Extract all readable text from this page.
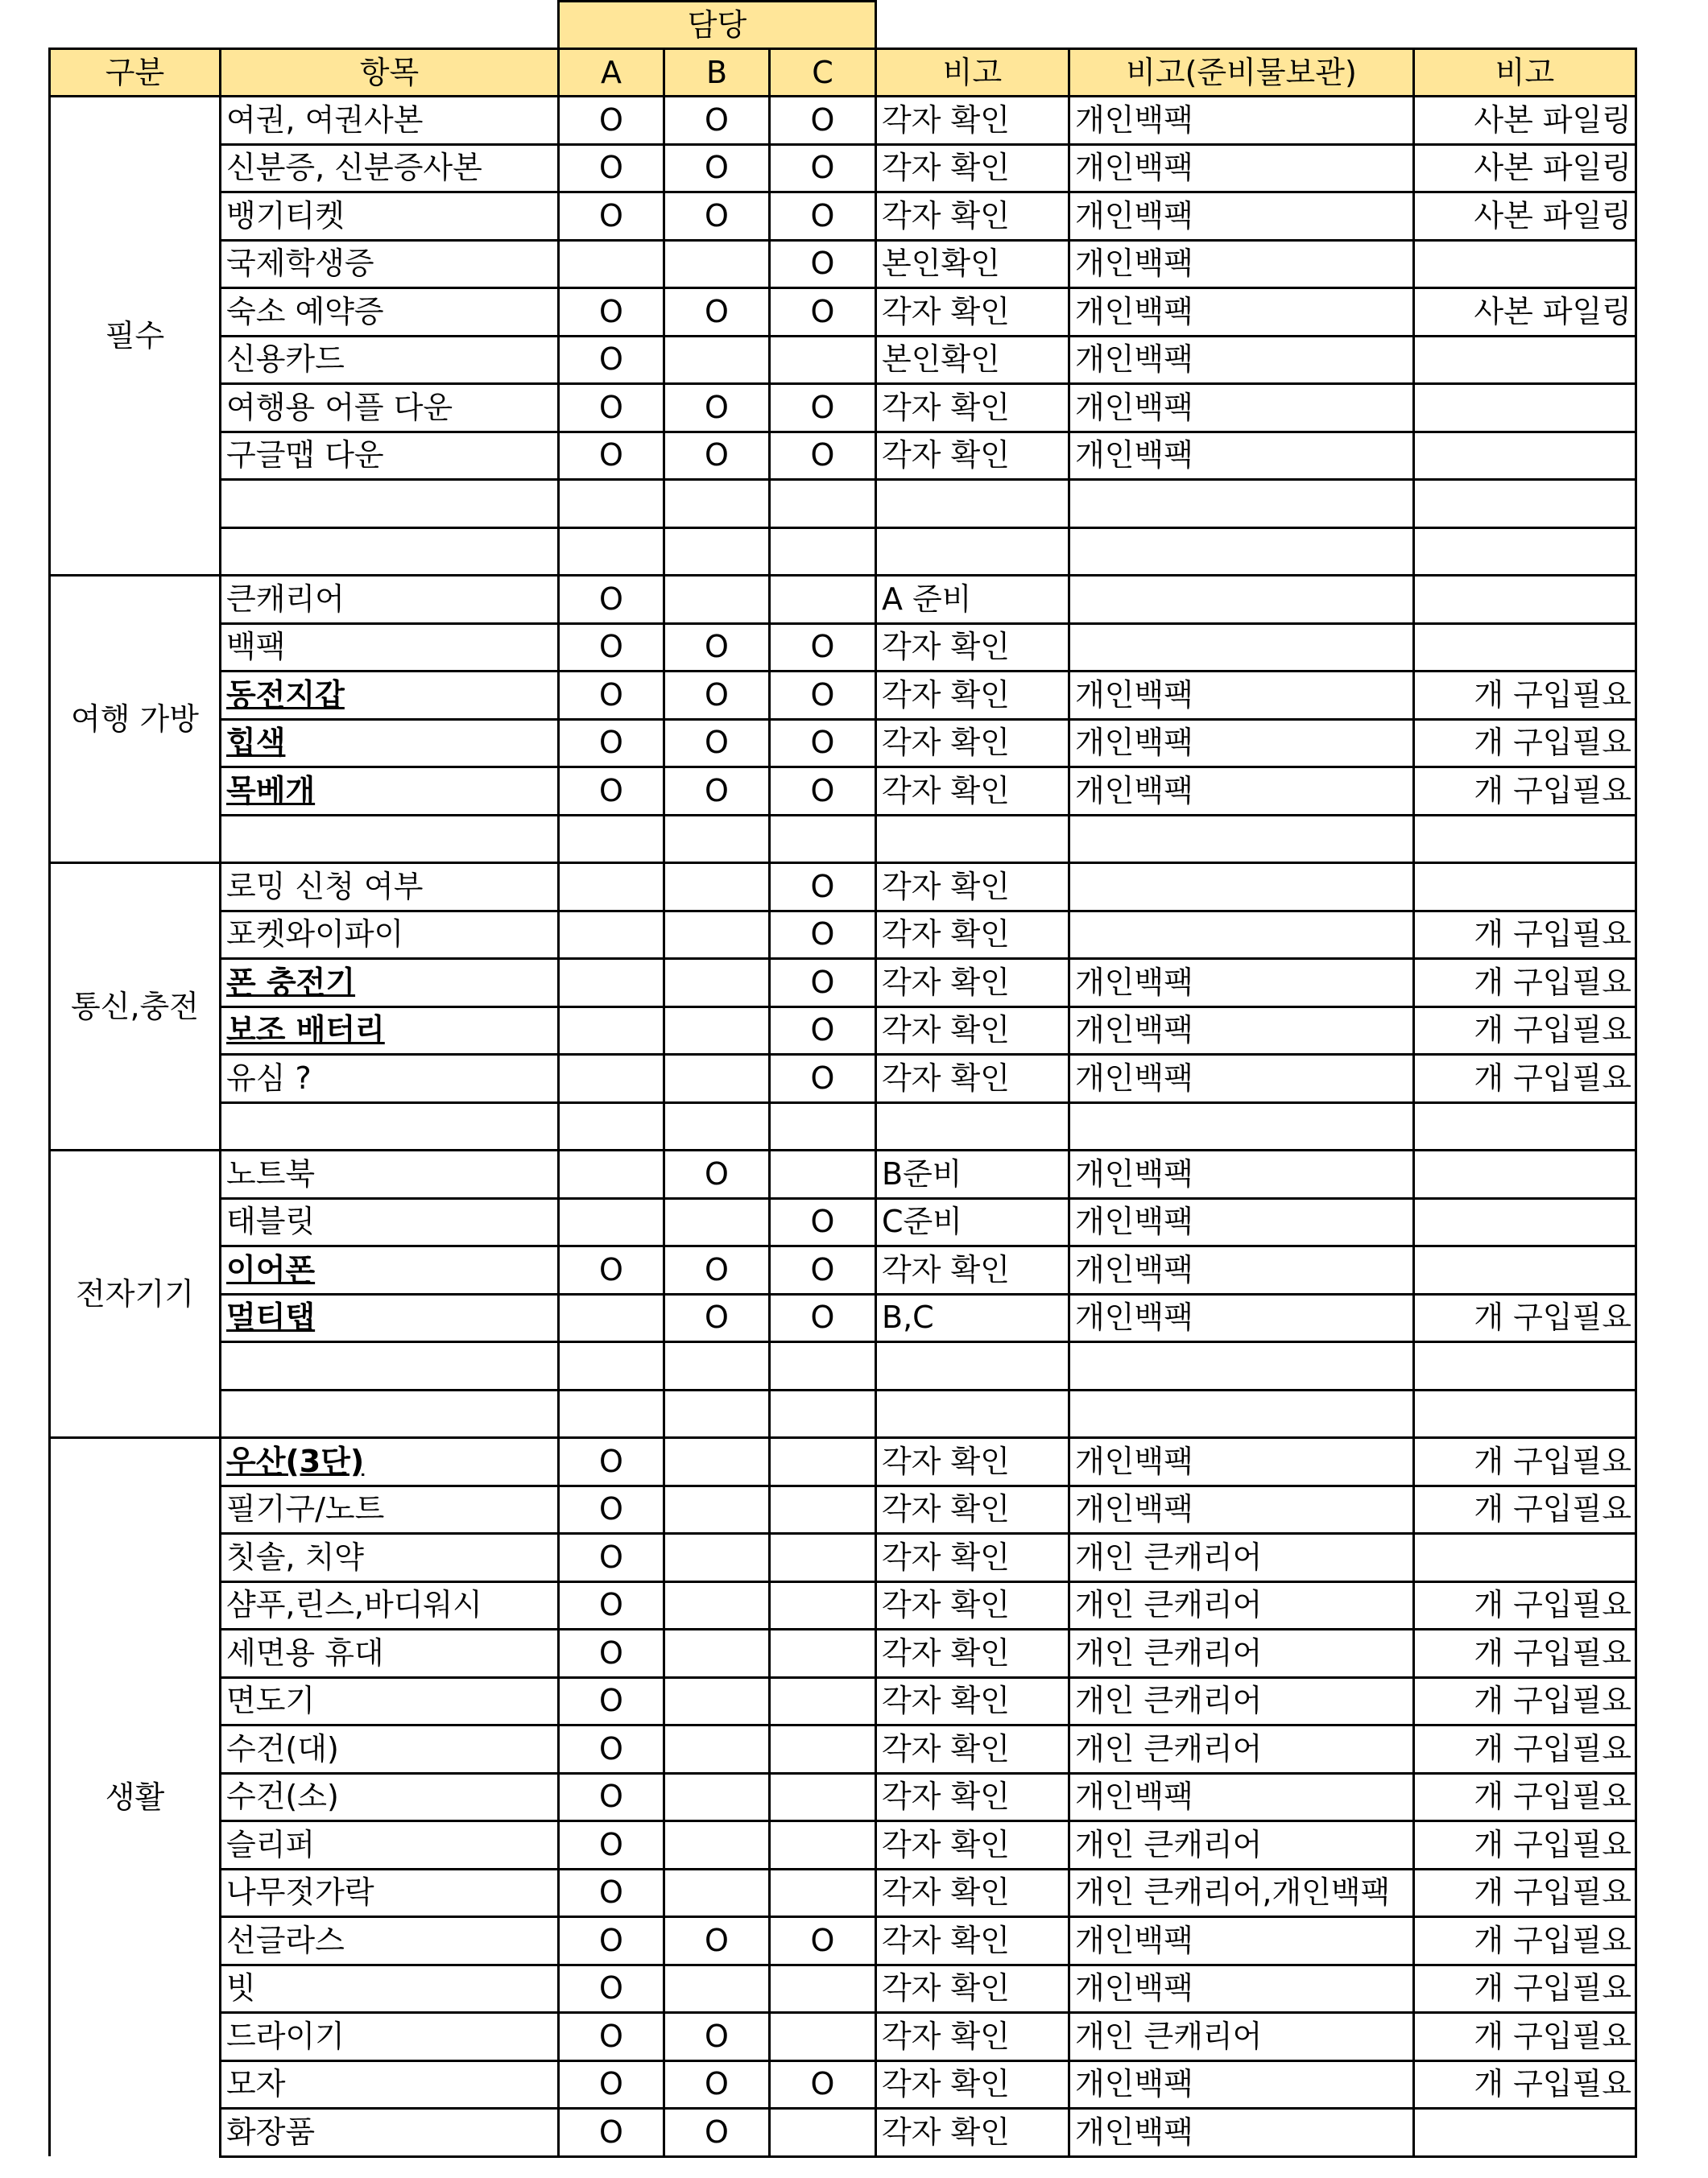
		담당					
구분	항목	A	B	C	비고	비고(준비물보관)	비고
필수	여권, 여권사본	O	O	O	각자 확인	개인백팩	사본 파일링
	신분증, 신분증사본	O	O	O	각자 확인	개인백팩	사본 파일링
	뱅기티켓	O	O	O	각자 확인	개인백팩	사본 파일링
	국제학생증			O	본인확인	개인백팩	
	숙소 예약증	O	O	O	각자 확인	개인백팩	사본 파일링
	신용카드	O			본인확인	개인백팩	
	여행용 어플 다운	O	O	O	각자 확인	개인백팩	
	구글맵 다운	O	O	O	각자 확인	개인백팩	

여행 가방	큰캐리어	O			A 준비		
	백팩	O	O	O	각자 확인		
	동전지갑	O	O	O	각자 확인	개인백팩	개 구입필요
	힙색	O	O	O	각자 확인	개인백팩	개 구입필요
	목베개	O	O	O	각자 확인	개인백팩	개 구입필요

통신,충전	로밍 신청 여부			O	각자 확인		
	포켓와이파이			O	각자 확인		개 구입필요
	폰 충전기			O	각자 확인	개인백팩	개 구입필요
	보조 배터리			O	각자 확인	개인백팩	개 구입필요
	유심 ?			O	각자 확인	개인백팩	개 구입필요

전자기기	노트북		O		B준비	개인백팩	
	태블릿			O	C준비	개인백팩	
	이어폰	O	O	O	각자 확인	개인백팩	
	멀티탭		O	O	B,C	개인백팩	개 구입필요

생활	우산(3단)	O			각자 확인	개인백팩	개 구입필요
	필기구/노트	O			각자 확인	개인백팩	개 구입필요
	칫솔, 치약	O			각자 확인	개인 큰캐리어	
	샴푸,린스,바디워시	O			각자 확인	개인 큰캐리어	개 구입필요
	세면용 휴대	O			각자 확인	개인 큰캐리어	개 구입필요
	면도기	O			각자 확인	개인 큰캐리어	개 구입필요
	수건(대)	O			각자 확인	개인 큰캐리어	개 구입필요
	수건(소)	O			각자 확인	개인백팩	개 구입필요
	슬리퍼	O			각자 확인	개인 큰캐리어	개 구입필요
	나무젓가락	O			각자 확인	개인 큰캐리어,개인백팩	개 구입필요
	선글라스	O	O	O	각자 확인	개인백팩	개 구입필요
	빗	O			각자 확인	개인백팩	개 구입필요
	드라이기	O	O		각자 확인	개인 큰캐리어	개 구입필요
	모자	O	O	O	각자 확인	개인백팩	개 구입필요
	화장품	O	O		각자 확인	개인백팩	
